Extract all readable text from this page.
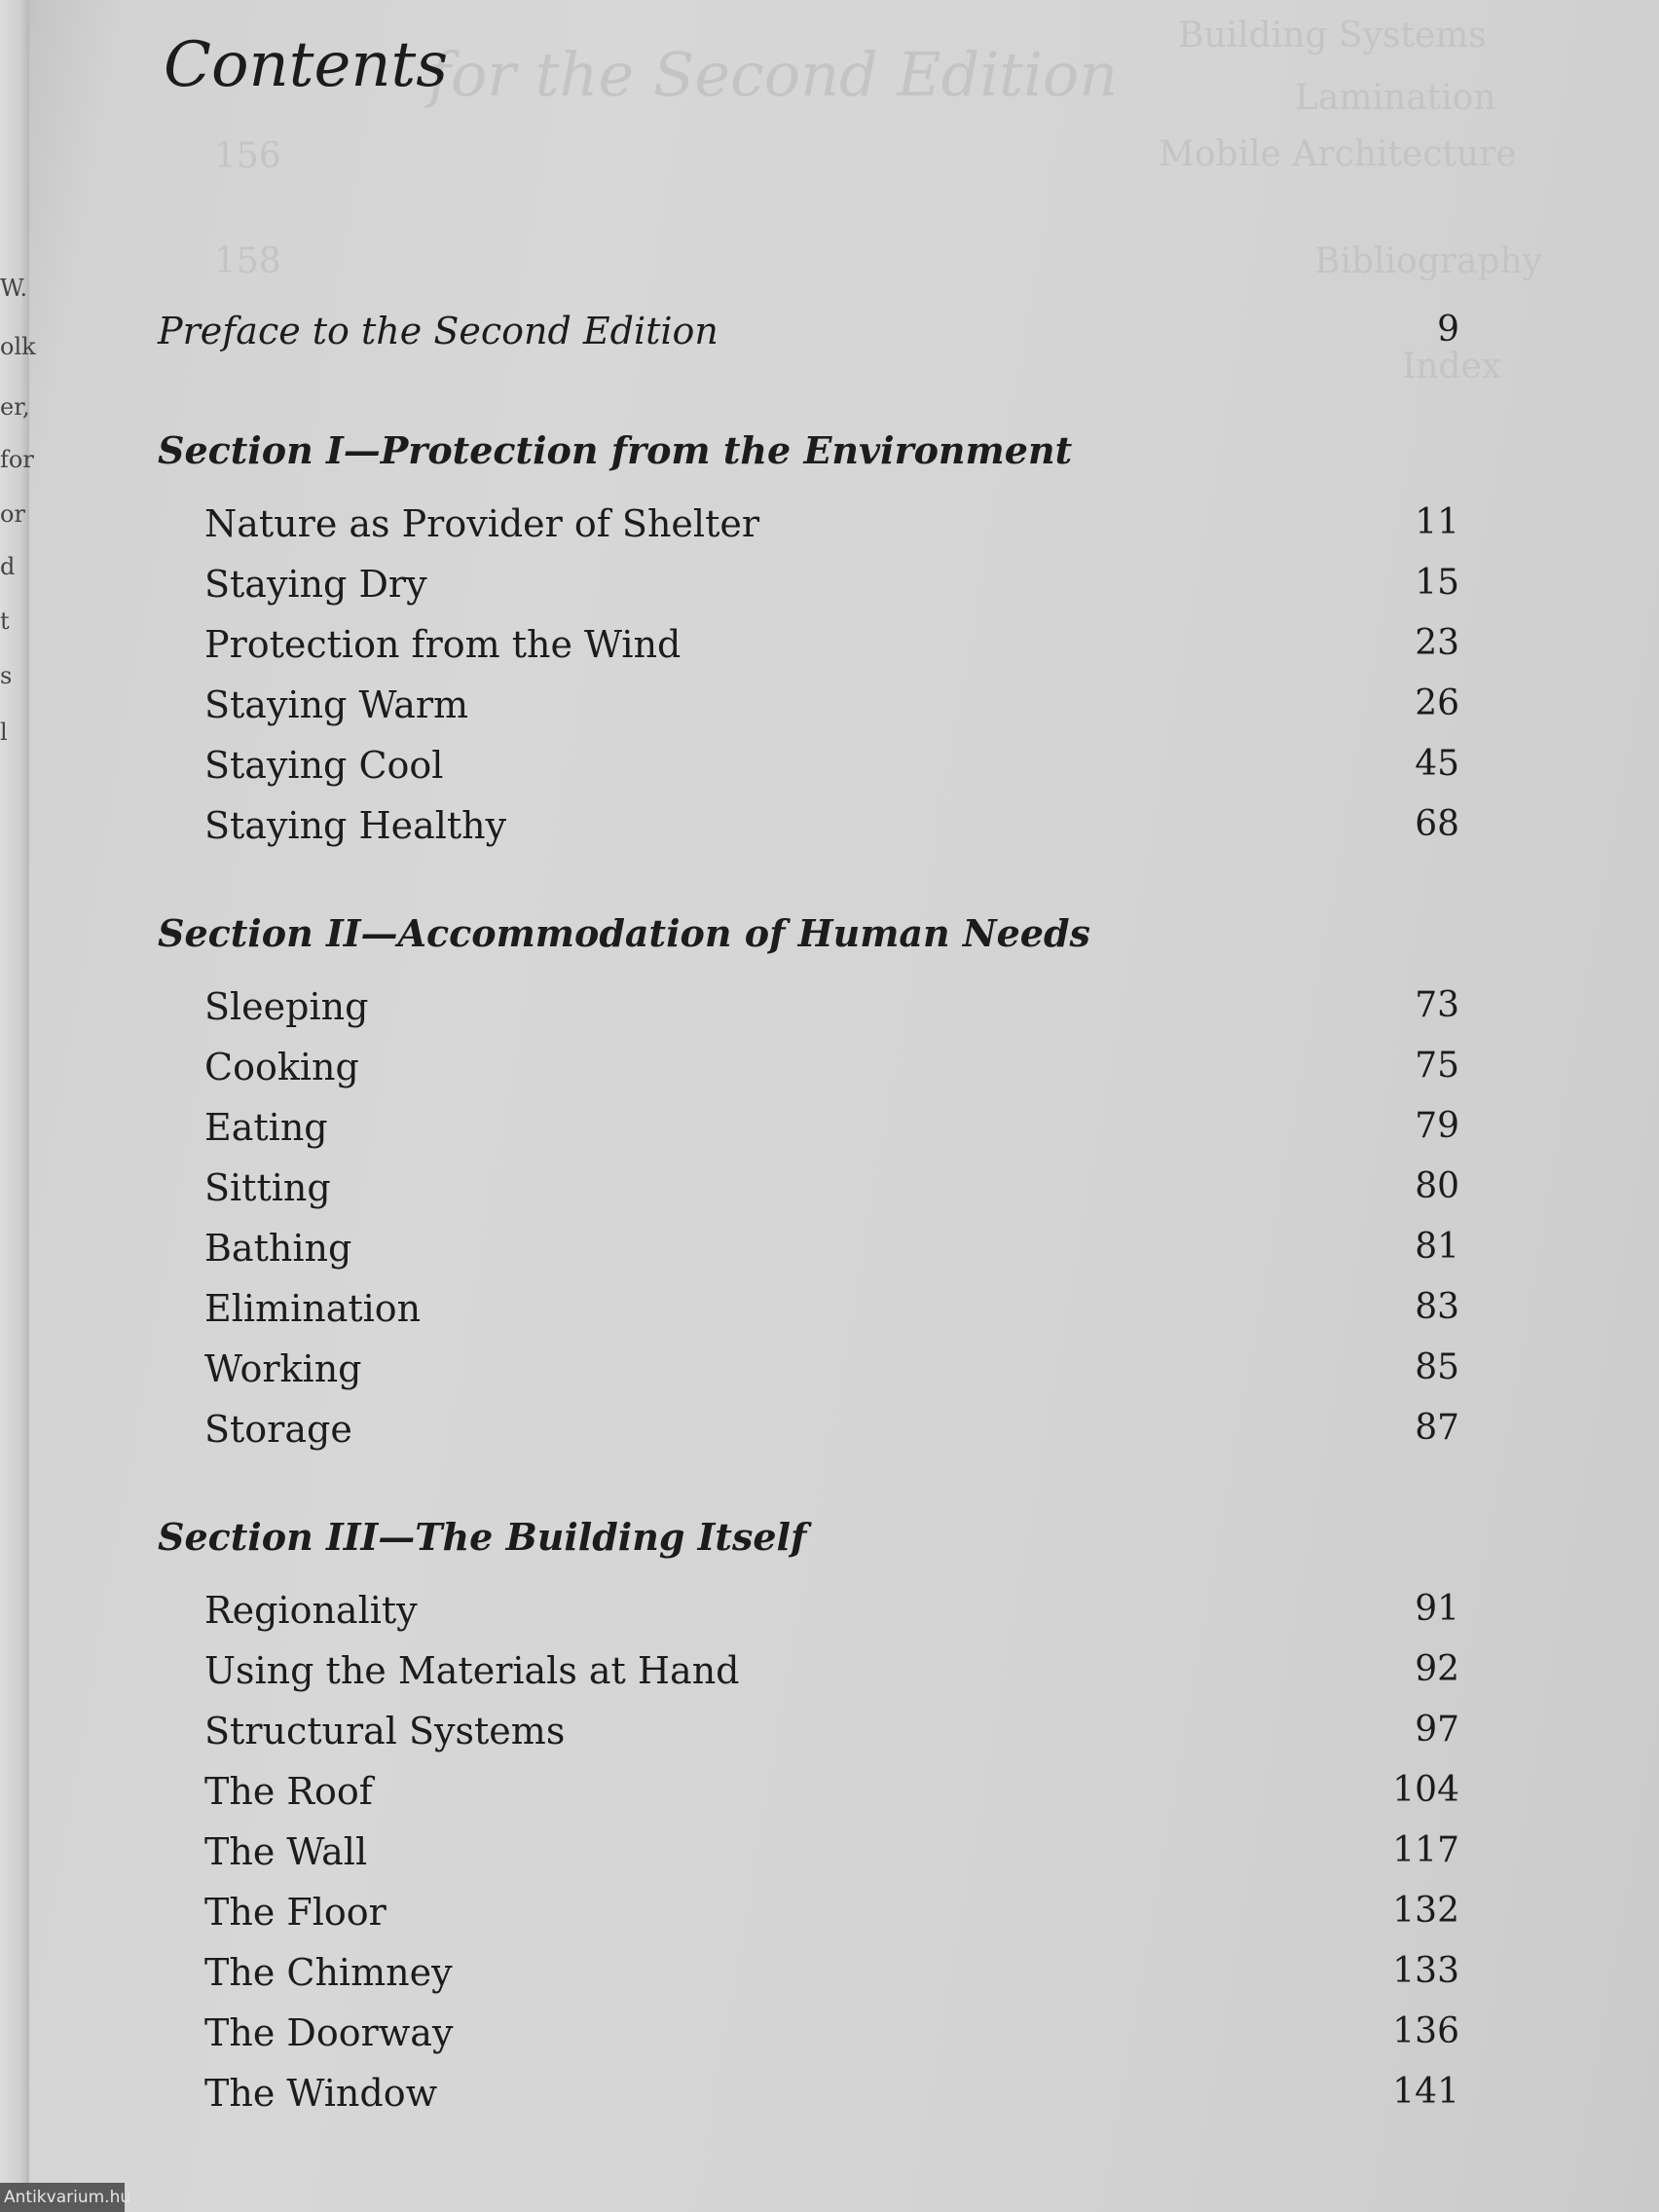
W.
olk
er,
for
or
d
t
s
l
Building Systems
Lamination
Mobile Architecture
Bibliography
Index
for the Second Edition
156
158
Contents
Preface to the Second Edition	9
Section I—Protection from the Environment
Nature as Provider of Shelter	11
Staying Dry	15
Protection from the Wind	23
Staying Warm	26
Staying Cool	45
Staying Healthy	68
Section II—Accommodation of Human Needs
Sleeping	73
Cooking	75
Eating	79
Sitting	80
Bathing	81
Elimination	83
Working	85
Storage	87
Section III—The Building Itself
Regionality	91
Using the Materials at Hand	92
Structural Systems	97
The Roof	104
The Wall	117
The Floor	132
The Chimney	133
The Doorway	136
The Window	141
Antikvarium.hu
